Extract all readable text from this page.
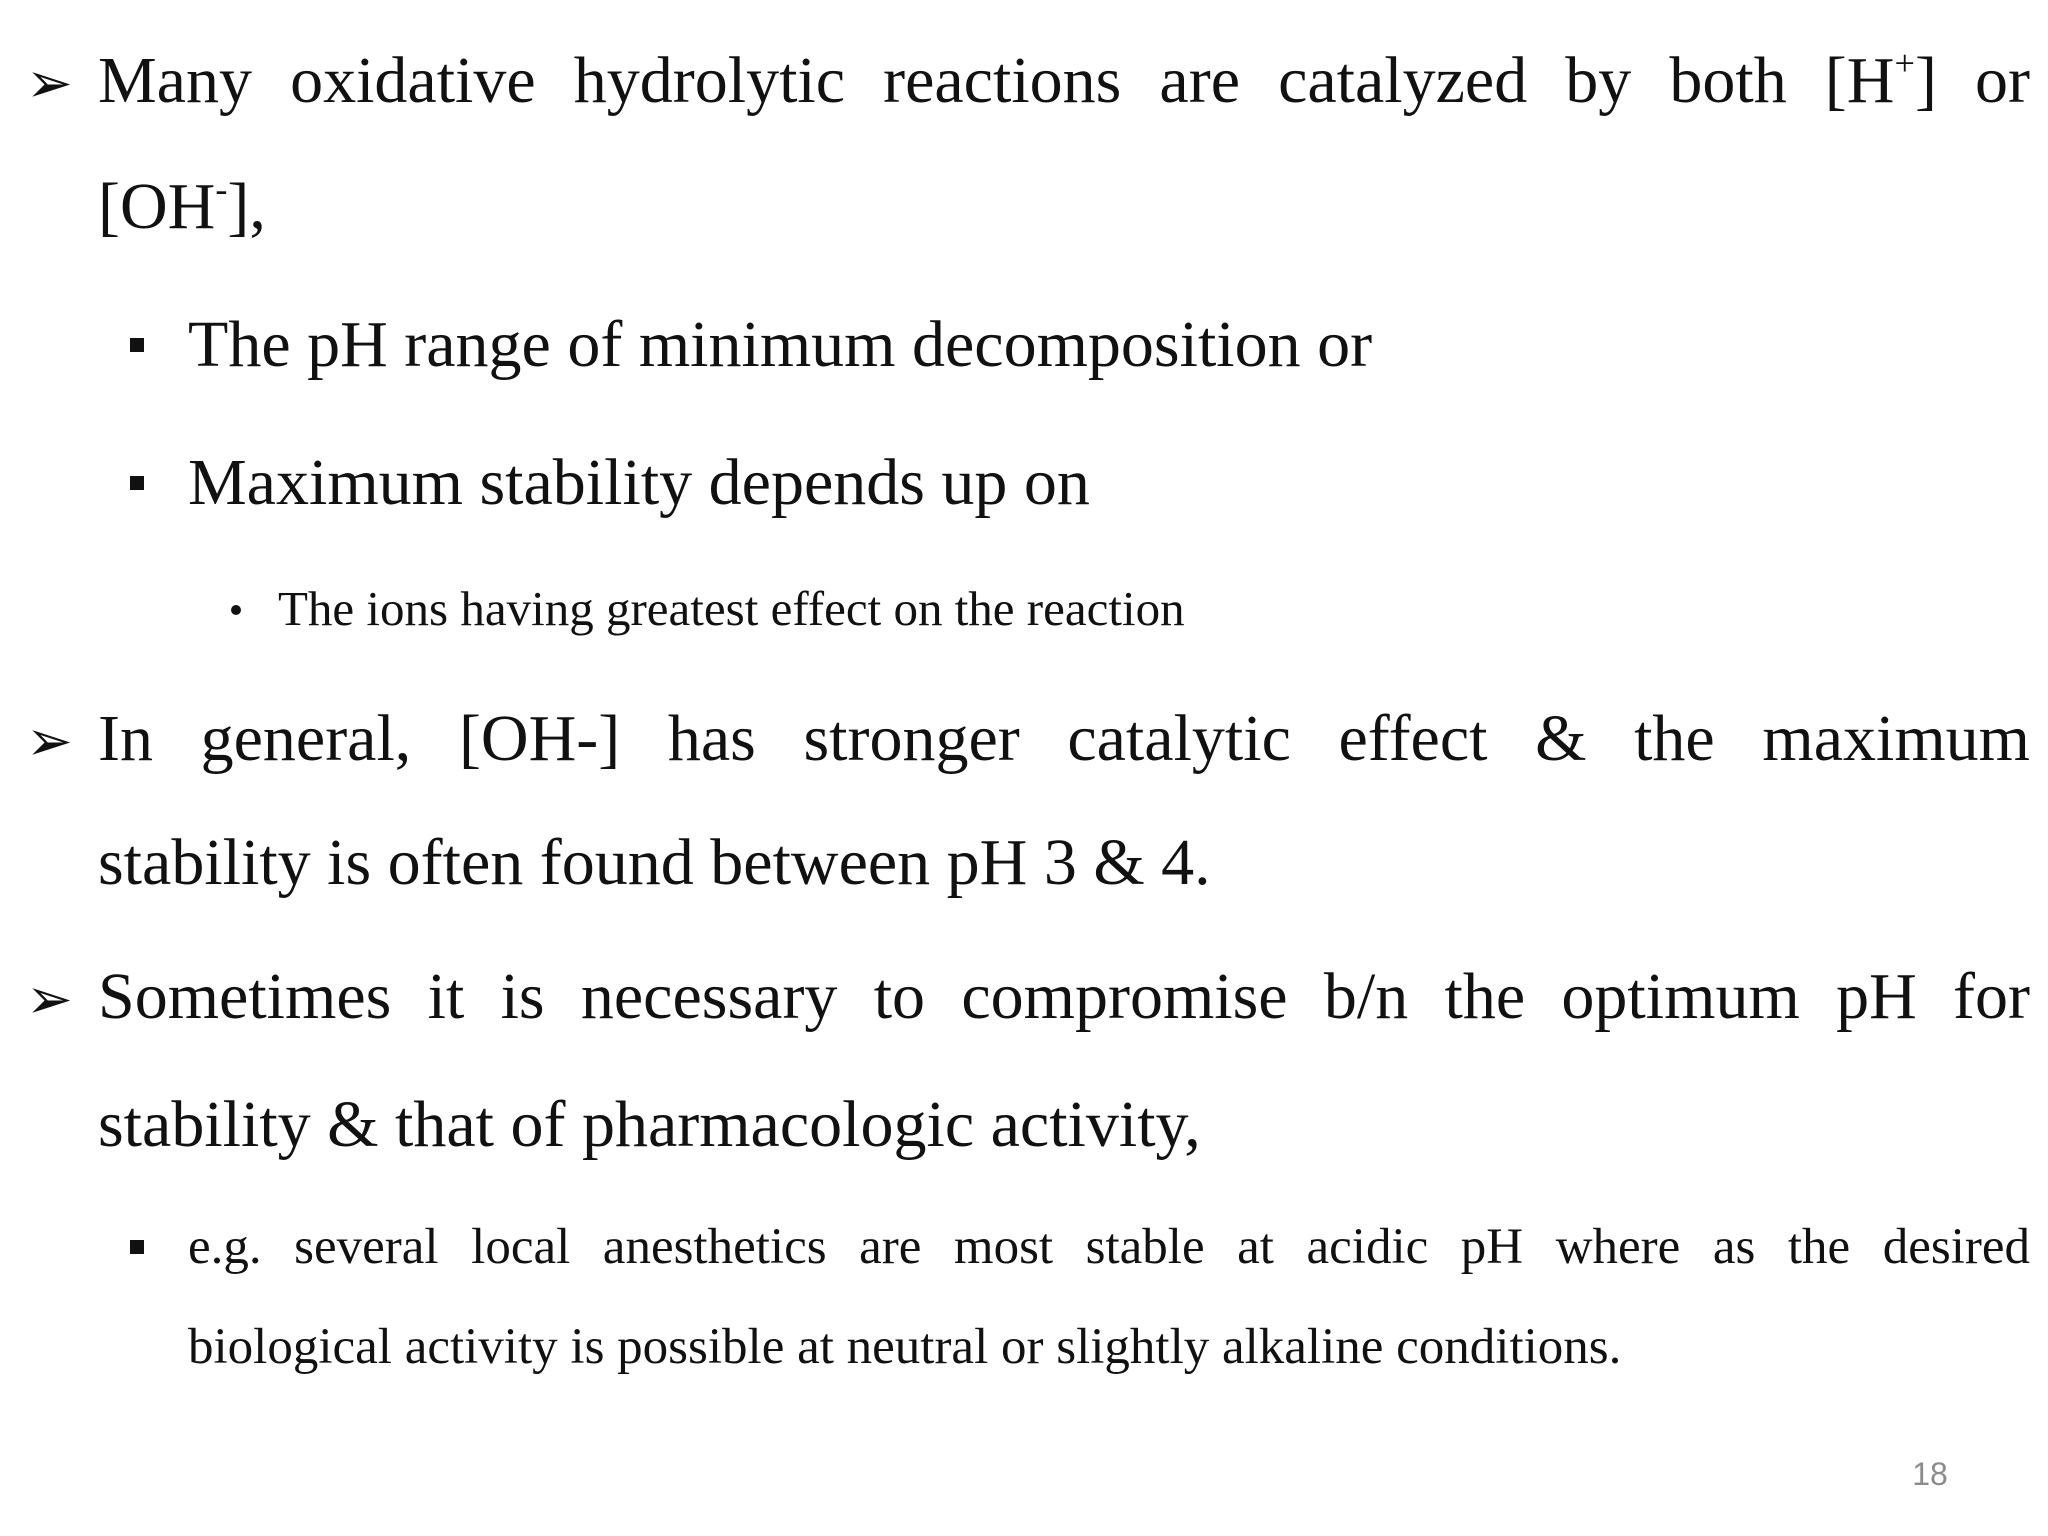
➢ Many oxidative hydrolytic reactions are catalyzed by both [H+] or
[OH-],
The pH range of minimum decomposition or
Maximum stability depends up on
The ions having greatest effect on the reaction
➢ In general, [OH-] has stronger catalytic effect & the maximum
stability is often found between pH 3 & 4.
➢ Sometimes it is necessary to compromise b/n the optimum pH for
stability & that of pharmacologic activity,
e.g. several local anesthetics are most stable at acidic pH where as the desired
biological activity is possible at neutral or slightly alkaline conditions.
18
